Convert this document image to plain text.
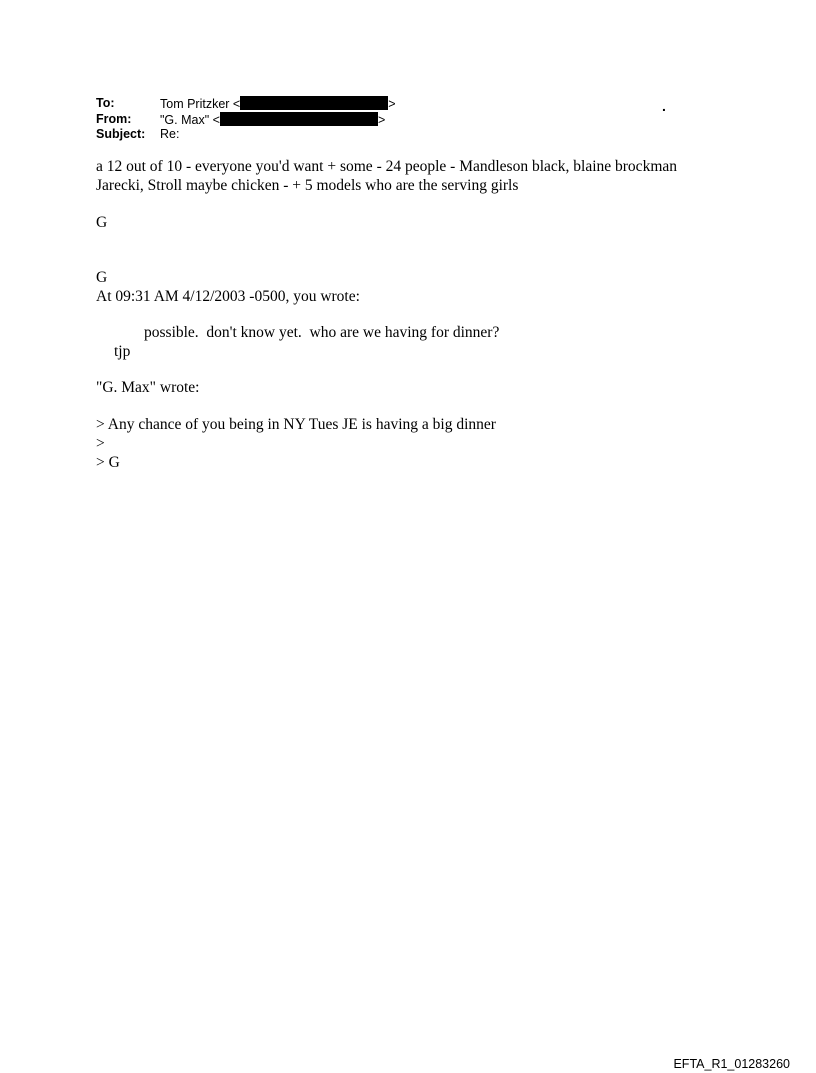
To:	Tom Pritzker <	>
From: "G. Max" <	>
Subject: Re:
.
a 12 out of 10 - everyone you'd want + some - 24 people - Mandleson black, blaine brockman
Jarecki, Stroll maybe chicken - + 5 models who are the serving girls
G
G
At 09:31 AM 4/12/2003 -0500, you wrote:
possible.  don't know yet.  who are we having for dinner?
tjp
"G. Max" wrote:
> Any chance of you being in NY Tues JE is having a big dinner
>
> G
EFTA_R1_01283260
